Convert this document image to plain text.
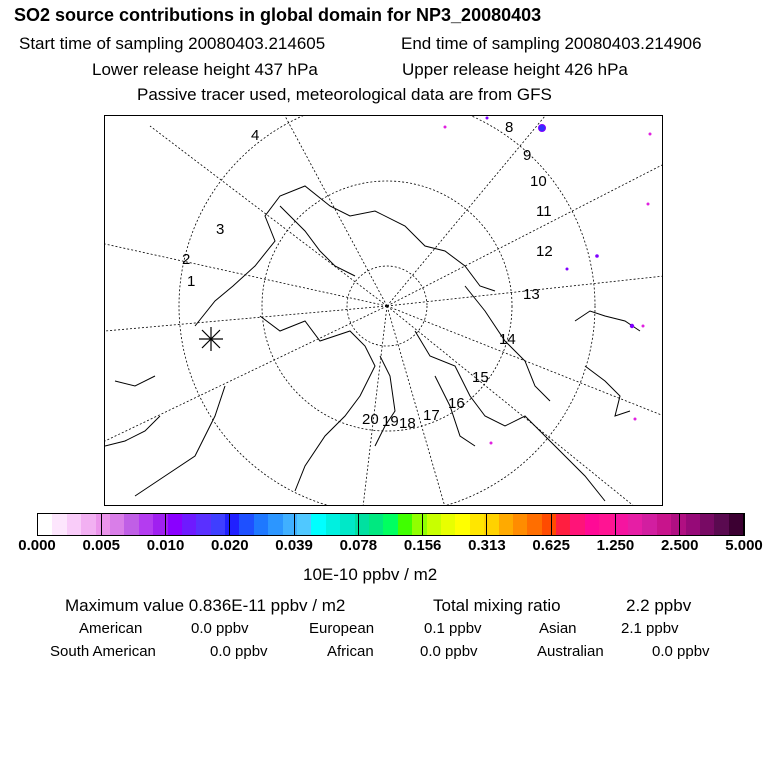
SO2 source contributions in global domain for NP3_20080403
Start time of sampling 20080403.214605	End time of sampling 20080403.214906
Lower release height 437 hPa	Upper release height 426 hPa
Passive tracer used, meteorological data are from GFS
1
2
3
4	8
9
10
11
12
13
14
15
16
17
18
19
20
0.000 0.005 0.010 0.020 0.039 0.078 0.156 0.313 0.625 1.250 2.500 5.000
10E-10 ppbv / m2
Maximum value 0.836E-11 ppbv / m2	Total mixing ratio	2.2 ppbv
American	0.0 ppbv	European	0.1 ppbv	Asian	2.1 ppbv
South American	0.0 ppbv	African	0.0 ppbv	Australian	0.0 ppbv
